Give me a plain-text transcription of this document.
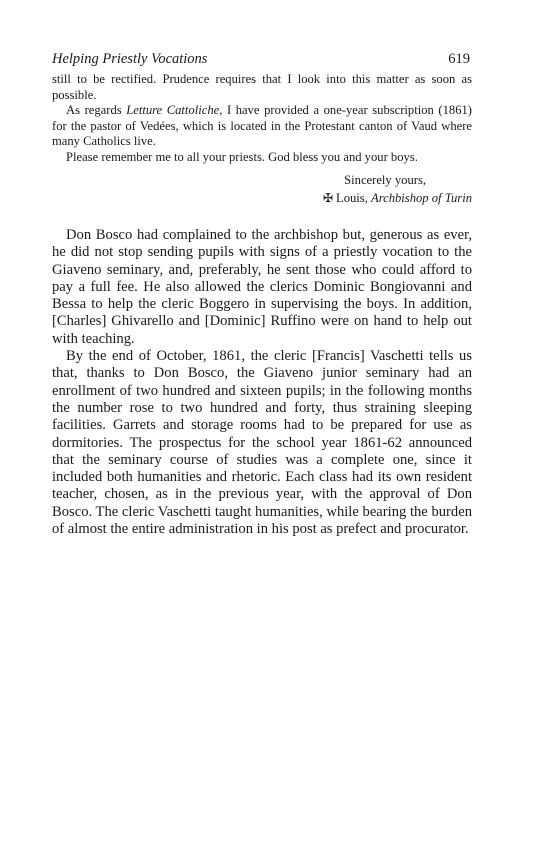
Helping Priestly Vocations	619

still to be rectified. Prudence requires that I look into this matter as soon as possible.

As regards Letture Cattoliche, I have provided a one-year subscription (1861) for the pastor of Vedées, which is located in the Protestant canton of Vaud where many Catholics live.

Please remember me to all your priests. God bless you and your boys.

Sincerely yours,
✠ Louis, Archbishop of Turin

Don Bosco had complained to the archbishop but, generous as ever, he did not stop sending pupils with signs of a priestly vocation to the Giaveno seminary, and, preferably, he sent those who could afford to pay a full fee. He also allowed the clerics Dominic Bongiovanni and Bessa to help the cleric Boggero in supervising the boys. In addition, [Charles] Ghivarello and [Dominic] Ruffino were on hand to help out with teaching.

By the end of October, 1861, the cleric [Francis] Vaschetti tells us that, thanks to Don Bosco, the Giaveno junior seminary had an enrollment of two hundred and sixteen pupils; in the following months the number rose to two hundred and forty, thus straining sleeping facilities. Garrets and storage rooms had to be prepared for use as dormitories. The prospectus for the school year 1861-62 announced that the seminary course of studies was a complete one, since it included both humanities and rhetoric. Each class had its own resident teacher, chosen, as in the previous year, with the approval of Don Bosco. The cleric Vaschetti taught humanities, while bearing the burden of almost the entire administration in his post as prefect and procurator.
